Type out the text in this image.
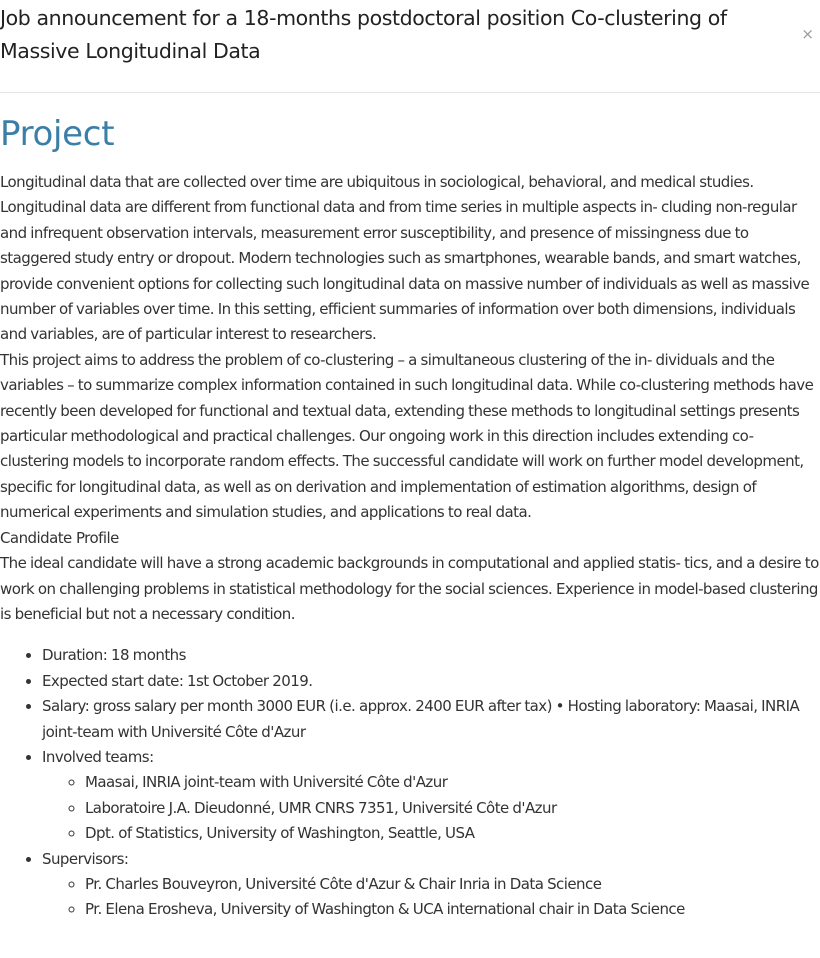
Job announcement for a 18-months postdoctoral position Co-clustering of Massive Longitudinal Data
×
Project

Longitudinal data that are collected over time are ubiquitous in sociological, behavioral, and medical studies. Longitudinal data are different from functional data and from time series in multiple aspects in- cluding non-regular and infrequent observation intervals, measurement error susceptibility, and presence of missingness due to staggered study entry or dropout. Modern technologies such as smartphones, wearable bands, and smart watches, provide convenient options for collecting such longitudinal data on massive number of individuals as well as massive number of variables over time. In this setting, efficient summaries of information over both dimensions, individuals and variables, are of particular interest to researchers.

This project aims to address the problem of co-clustering – a simultaneous clustering of the in- dividuals and the variables – to summarize complex information contained in such longitudinal data. While co-clustering methods have recently been developed for functional and textual data, extending these methods to longitudinal settings presents particular methodological and practical challenges. Our ongoing work in this direction includes extending co-clustering models to incorporate random effects. The successful candidate will work on further model development, specific for longitudinal data, as well as on derivation and implementation of estimation algorithms, design of numerical experiments and simulation studies, and applications to real data.

Candidate Profile

The ideal candidate will have a strong academic backgrounds in computational and applied statis- tics, and a desire to work on challenging problems in statistical methodology for the social sciences. Experience in model-based clustering is beneficial but not a necessary condition.

• Duration: 18 months
• Expected start date: 1st October 2019.
• Salary: gross salary per month 3000 EUR (i.e. approx. 2400 EUR after tax) • Hosting laboratory: Maasai, INRIA joint-team with Université Côte d'Azur
• Involved teams:
◦ Maasai, INRIA joint-team with Université Côte d'Azur
◦ Laboratoire J.A. Dieudonné, UMR CNRS 7351, Université Côte d'Azur
◦ Dpt. of Statistics, University of Washington, Seattle, USA
• Supervisors:
◦ Pr. Charles Bouveyron, Université Côte d'Azur & Chair Inria in Data Science
◦ Pr. Elena Erosheva, University of Washington & UCA international chair in Data Science
